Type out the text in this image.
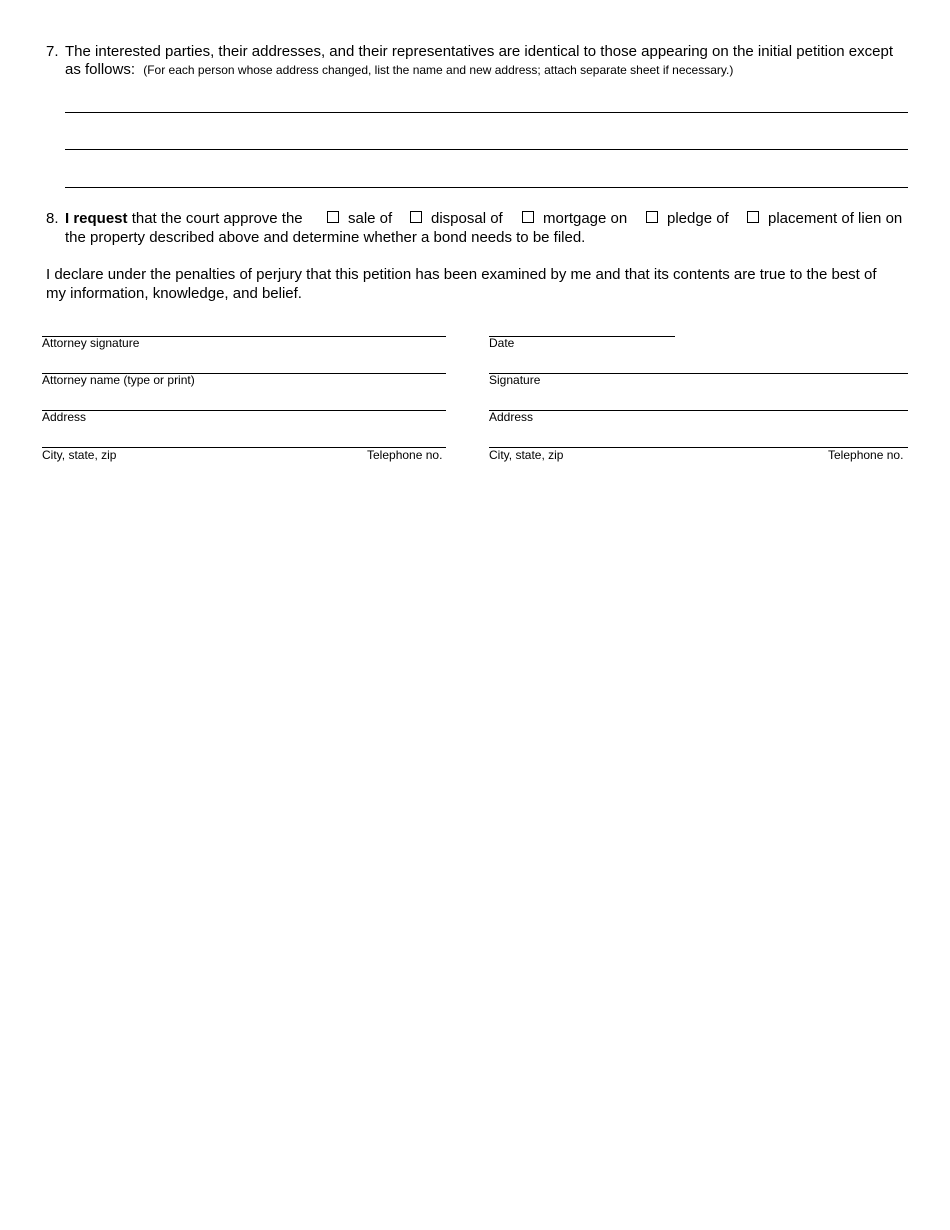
7. The interested parties, their addresses, and their representatives are identical to those appearing on the initial petition except
as follows: (For each person whose address changed, list the name and new address; attach separate sheet if necessary.)
8. I request that the court approve the	sale of	disposal of	mortgage on	pledge of	placement of lien on
the property described above and determine whether a bond needs to be filed.
I declare under the penalties of perjury that this petition has been examined by me and that its contents are true to the best of
my information, knowledge, and belief.
Attorney signature
Attorney name (type or print)
Address
City, state, zip	Telephone no.
Date
Signature
Address
City, state, zip	Telephone no.
